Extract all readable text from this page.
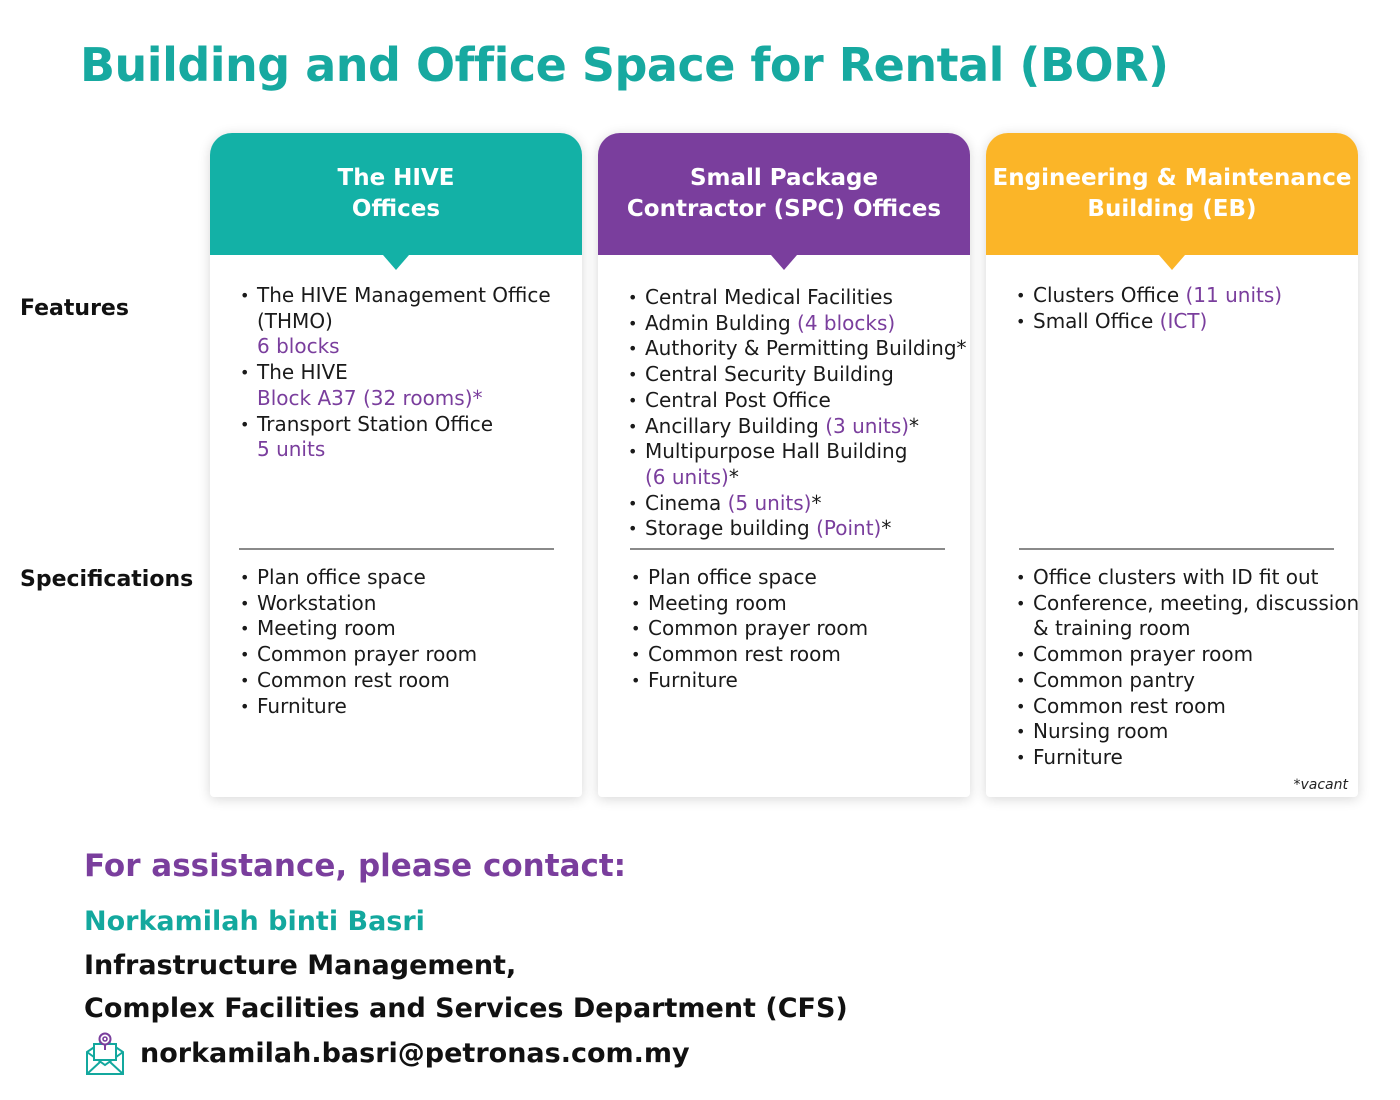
Building and Office Space for Rental (BOR)
Features
Specifications
The HIVE
Offices
• The HIVE Management Office
(THMO)
6 blocks
• The HIVE
Block A37 (32 rooms)*
• Transport Station Office
5 units
• Plan office space
• Workstation
• Meeting room
• Common prayer room
• Common rest room
• Furniture
Small Package
Contractor (SPC) Offices
• Central Medical Facilities
• Admin Bulding (4 blocks)
• Authority & Permitting Building*
• Central Security Building
• Central Post Office
• Ancillary Building (3 units)*
• Multipurpose Hall Building
(6 units)*
• Cinema (5 units)*
• Storage building (Point)*
• Plan office space
• Meeting room
• Common prayer room
• Common rest room
• Furniture
Engineering & Maintenance
Building (EB)
• Clusters Office (11 units)
• Small Office (ICT)
• Office clusters with ID fit out
• Conference, meeting, discussion
& training room
• Common prayer room
• Common pantry
• Common rest room
• Nursing room
• Furniture
*vacant
For assistance, please contact:
Norkamilah binti Basri
Infrastructure Management,
Complex Facilities and Services Department (CFS)
norkamilah.basri@petronas.com.my
